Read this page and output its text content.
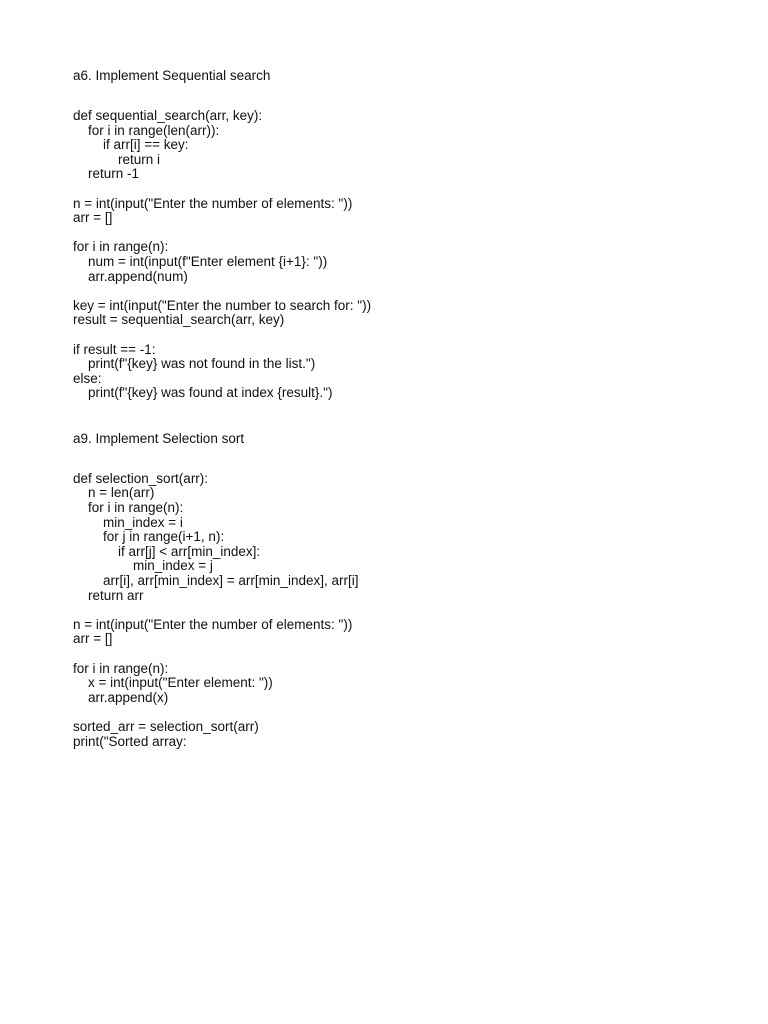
a6. Implement Sequential search
def sequential_search(arr, key):
for i in range(len(arr)):
if arr[i] == key:
return i
return -1
n = int(input("Enter the number of elements: "))
arr = []
for i in range(n):
num = int(input(f"Enter element {i+1}: "))
arr.append(num)
key = int(input("Enter the number to search for: "))
result = sequential_search(arr, key)
if result == -1:
print(f"{key} was not found in the list.")
else:
print(f"{key} was found at index {result}.")
a9. Implement Selection sort
def selection_sort(arr):
n = len(arr)
for i in range(n):
min_index = i
for j in range(i+1, n):
if arr[j] < arr[min_index]:
min_index = j
arr[i], arr[min_index] = arr[min_index], arr[i]
return arr
n = int(input("Enter the number of elements: "))
arr = []
for i in range(n):
x = int(input("Enter element: "))
arr.append(x)
sorted_arr = selection_sort(arr)
print("Sorted array:
